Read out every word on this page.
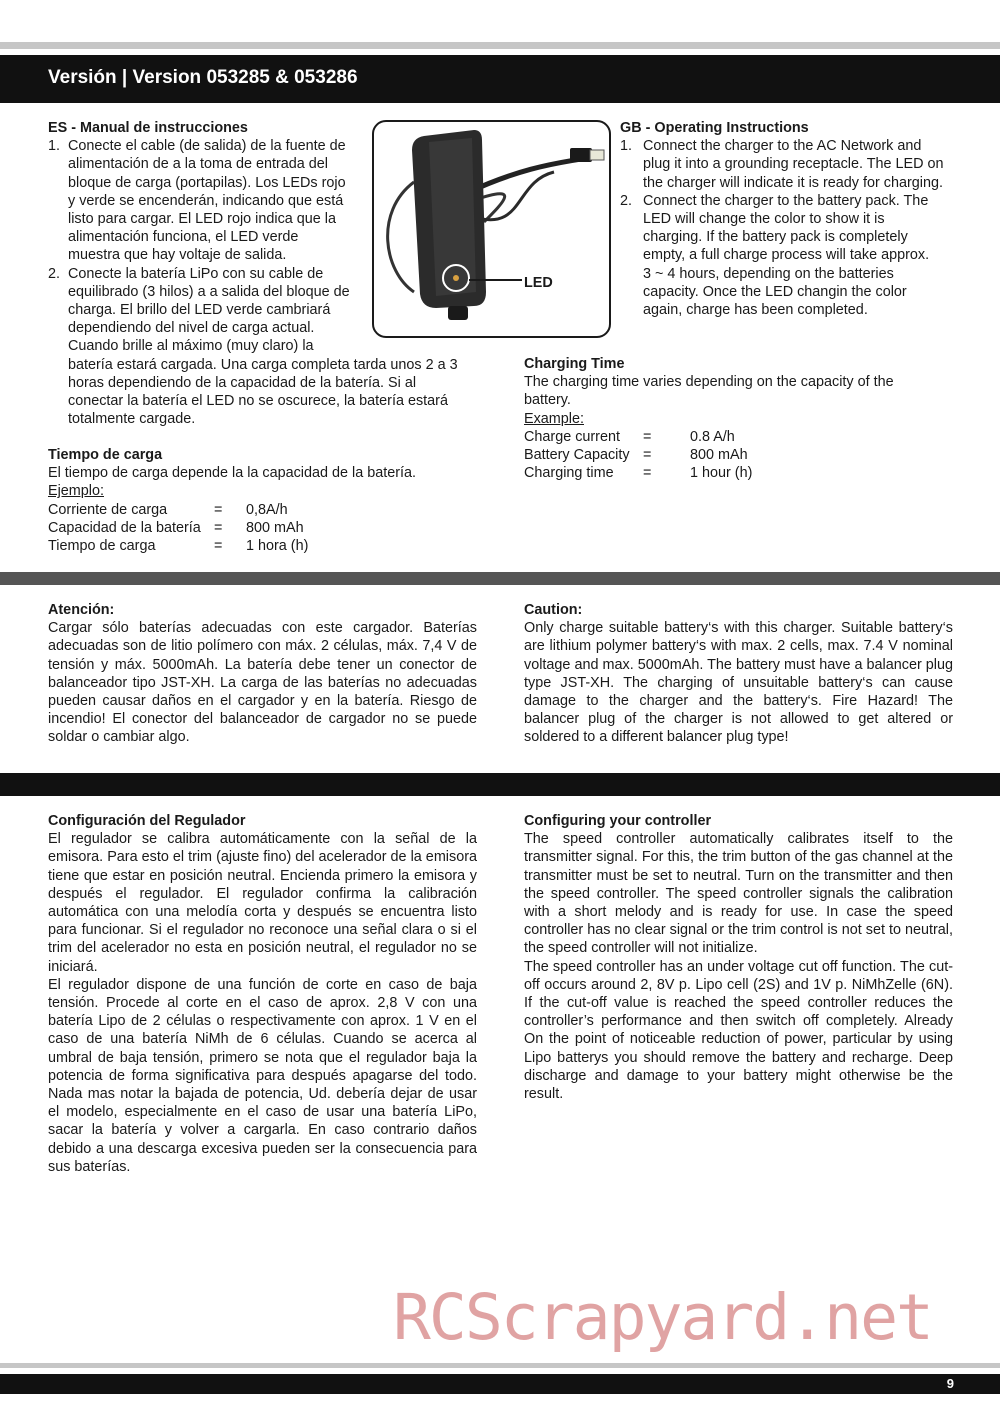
Versión | Version 053285 & 053286
ES - Manual de instrucciones
1. Conecte el cable (de salida) de la fuente de
alimentación de a la toma de entrada del
bloque de carga (portapilas). Los LEDs rojo
y verde se encenderán, indicando que está
listo para cargar. El LED rojo indica que la
alimentación funciona, el LED verde
muestra que hay voltaje de salida.
2. Conecte la batería LiPo con su cable de
equilibrado (3 hilos) a a salida del bloque de
charga. El brillo del LED verde cambriará
dependiendo del nivel de carga actual.
Cuando brille al máximo (muy claro) la
batería estará cargada. Una carga completa tarda unos 2 a 3
horas dependiendo de la capacidad de la batería. Si al
conectar la batería el LED no se oscurece, la batería estará
totalmente cargade.
Tiempo de carga
El tiempo de carga depende la la capacidad de la batería.
Ejemplo:
Corriente de carga	=	0,8A/h
Capacidad de la batería	=	800 mAh
Tiempo de carga	=	1 hora (h)
LED
GB - Operating Instructions
1. Connect the charger to the AC Network and
plug it into a grounding receptacle. The LED on
the charger will indicate it is ready for charging.
2. Connect the charger to the battery pack. The
LED will change the color to show it is
charging. If the battery pack is completely
empty, a full charge process will take approx.
3 ~ 4 hours, depending on the batteries
capacity. Once the LED changin the color
again, charge has been completed.
Charging Time
The charging time varies depending on the capacity of the
battery.
Example:
Charge current	=	0.8 A/h
Battery Capacity	=	800 mAh
Charging time	=	1 hour (h)
Atención:

Cargar sólo baterías adecuadas con este cargador. Baterías adecuadas son de litio polímero con máx. 2 células, máx. 7,4 V de tensión y máx. 5000mAh. La batería debe tener un conector de balanceador tipo JST-XH. La carga de las baterías no adecuadas pueden causar daños en el cargador y en la batería. Riesgo de incendio! El conector del balanceador de cargador no se puede soldar o cambiar algo.

Caution:

Only charge suitable battery‘s with this charger. Suitable battery‘s are lithium polymer battery‘s with max. 2 cells, max. 7.4 V nominal voltage and max. 5000mAh. The battery must have a balancer plug type JST-XH. The charging of unsuitable battery‘s can cause damage to the charger and the battery‘s. Fire Hazard! The balancer plug of the charger is not allowed to get altered or soldered to a different balancer plug type!

Configuración del Regulador

El regulador se calibra automáticamente con la señal de la emisora. Para esto el trim (ajuste fino) del acelerador de la emisora tiene que estar en posición neutral. Encienda primero la emisora y después el regulador. El regulador confirma la calibración automática con una melodía corta y después se encuentra listo para funcionar. Si el regulador no reconoce una señal clara o si el trim del acelerador no esta en posición neutral, el regulador no se iniciará.

El regulador dispone de una función de corte en caso de baja tensión. Procede al corte en el caso de aprox. 2,8 V con una batería Lipo de 2 células o respectivamente con aprox. 1 V en el caso de una batería NiMh de 6 células. Cuando se acerca al umbral de baja tensión, primero se nota que el regulador baja la potencia de forma significativa para después apagarse del todo. Nada mas notar la bajada de potencia, Ud. debería dejar de usar el modelo, especialmente en el caso de usar una batería LiPo, sacar la batería y volver a cargarla. En caso contrario daños debido a una descarga excesiva pueden ser la consecuencia para sus baterías.

Configuring your controller

The speed controller automatically calibrates itself to the transmitter signal. For this, the trim button of the gas channel at the transmitter must be set to neutral. Turn on the transmitter and then the speed controller. The speed controller signals the calibration with a short melody and is ready for use. In case the speed controller has no clear signal or the trim control is not set to neutral, the speed controller will not initialize.

The speed controller has an under voltage cut off function. The cut-off occurs around 2, 8V p. Lipo cell (2S) and 1V p. NiMhZelle (6N). If the cut-off value is reached the speed controller reduces the controller’s performance and then switch off completely. Already On the point of noticeable reduction of power, particular by using Lipo batterys you should remove the battery and recharge. Deep discharge and damage to your battery might otherwise be the result.

RCScrapyard.net
9
